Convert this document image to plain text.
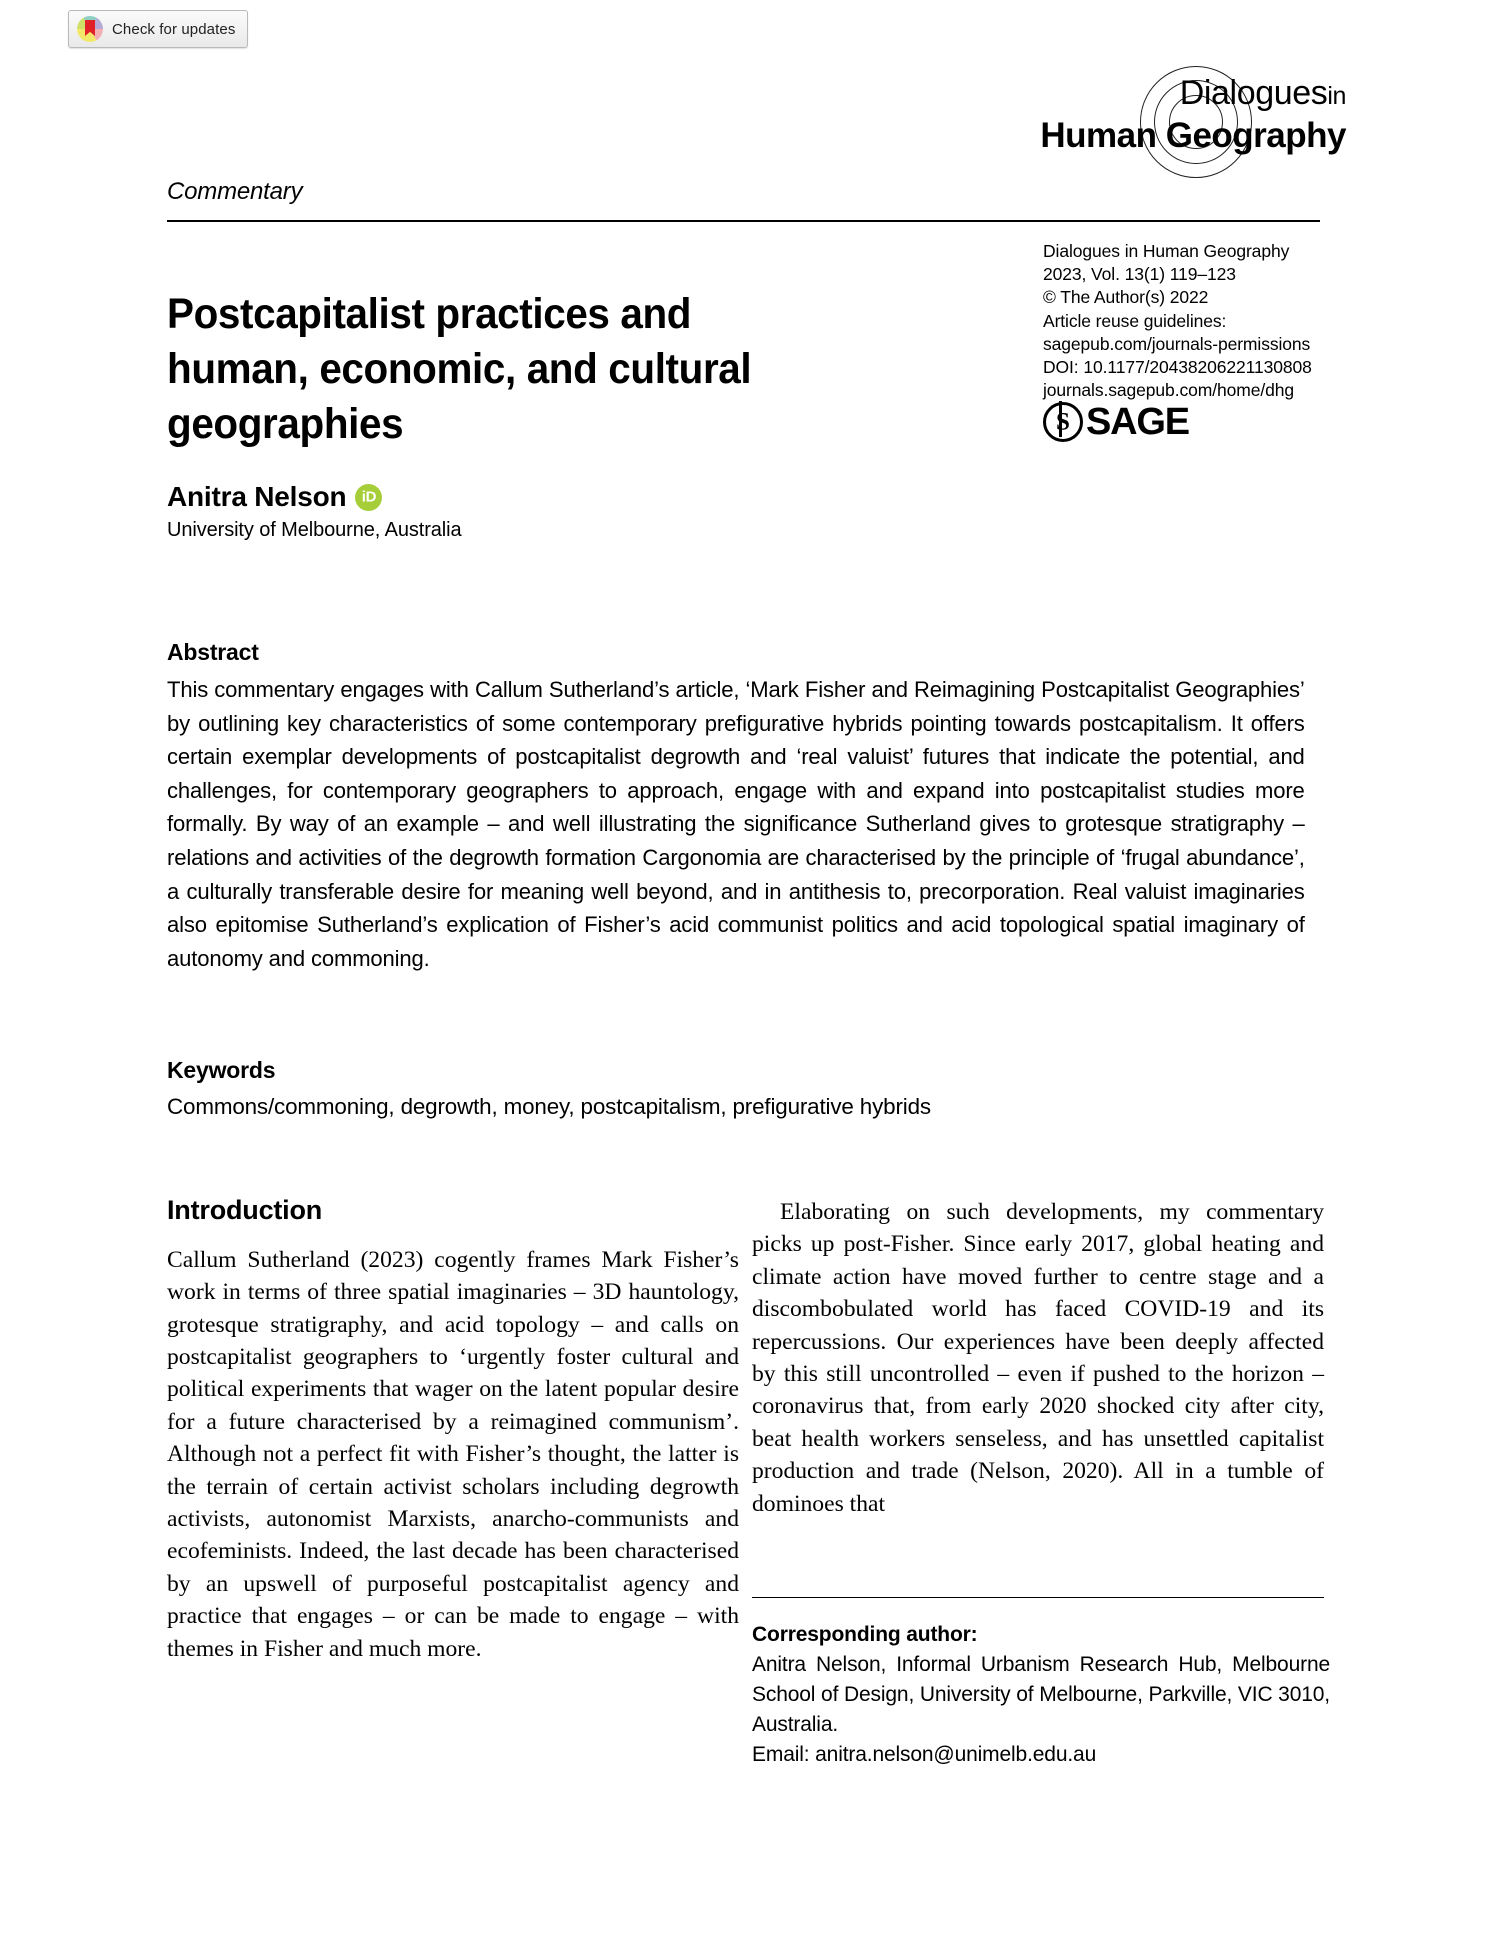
Check for updates
Dialoguesin
Human Geography
Commentary
Postcapitalist practices and human, economic, and cultural geographies
Dialogues in Human Geography
2023, Vol. 13(1) 119–123
© The Author(s) 2022
Article reuse guidelines:
sagepub.com/journals-permissions
DOI: 10.1177/20438206221130808
journals.sagepub.com/home/dhg
S
SAGE
Anitra Nelson	iD
University of Melbourne, Australia
Abstract
This commentary engages with Callum Sutherland’s article, ‘Mark Fisher and Reimagining Postcapitalist Geographies’ by outlining key characteristics of some contemporary prefigurative hybrids pointing towards postcapitalism. It offers certain exemplar developments of postcapitalist degrowth and ‘real valuist’ futures that indicate the potential, and challenges, for contemporary geographers to approach, engage with and expand into postcapitalist studies more formally. By way of an example – and well illustrating the significance Sutherland gives to grotesque stratigraphy – relations and activities of the degrowth formation Cargonomia are characterised by the principle of ‘frugal abundance’, a culturally transferable desire for meaning well beyond, and in antithesis to, precorporation. Real valuist imaginaries also epitomise Sutherland’s explication of Fisher’s acid communist politics and acid topological spatial imaginary of autonomy and commoning.
Keywords
Commons/commoning, degrowth, money, postcapitalism, prefigurative hybrids
Introduction

Callum Sutherland (2023) cogently frames Mark Fisher’s work in terms of three spatial imaginaries – 3D hauntology, grotesque stratigraphy, and acid topology – and calls on postcapitalist geographers to ‘urgently foster cultural and political experiments that wager on the latent popular desire for a future characterised by a reimagined communism’. Although not a perfect fit with Fisher’s thought, the latter is the terrain of certain activist scholars including degrowth activists, autonomist Marxists, anarcho-communists and ecofeminists. Indeed, the last decade has been characterised by an upswell of purposeful postcapitalist agency and practice that engages – or can be made to engage – with themes in Fisher and much more.

Elaborating on such developments, my commentary picks up post-Fisher. Since early 2017, global heating and climate action have moved further to centre stage and a discombobulated world has faced COVID-19 and its repercussions. Our experiences have been deeply affected by this still uncontrolled – even if pushed to the horizon – coronavirus that, from early 2020 shocked city after city, beat health workers senseless, and has unsettled capitalist production and trade (Nelson, 2020). All in a tumble of dominoes that

Corresponding author:
Anitra Nelson, Informal Urbanism Research Hub, Melbourne School of Design, University of Melbourne, Parkville, VIC 3010, Australia.
Email: anitra.nelson@unimelb.edu.au
